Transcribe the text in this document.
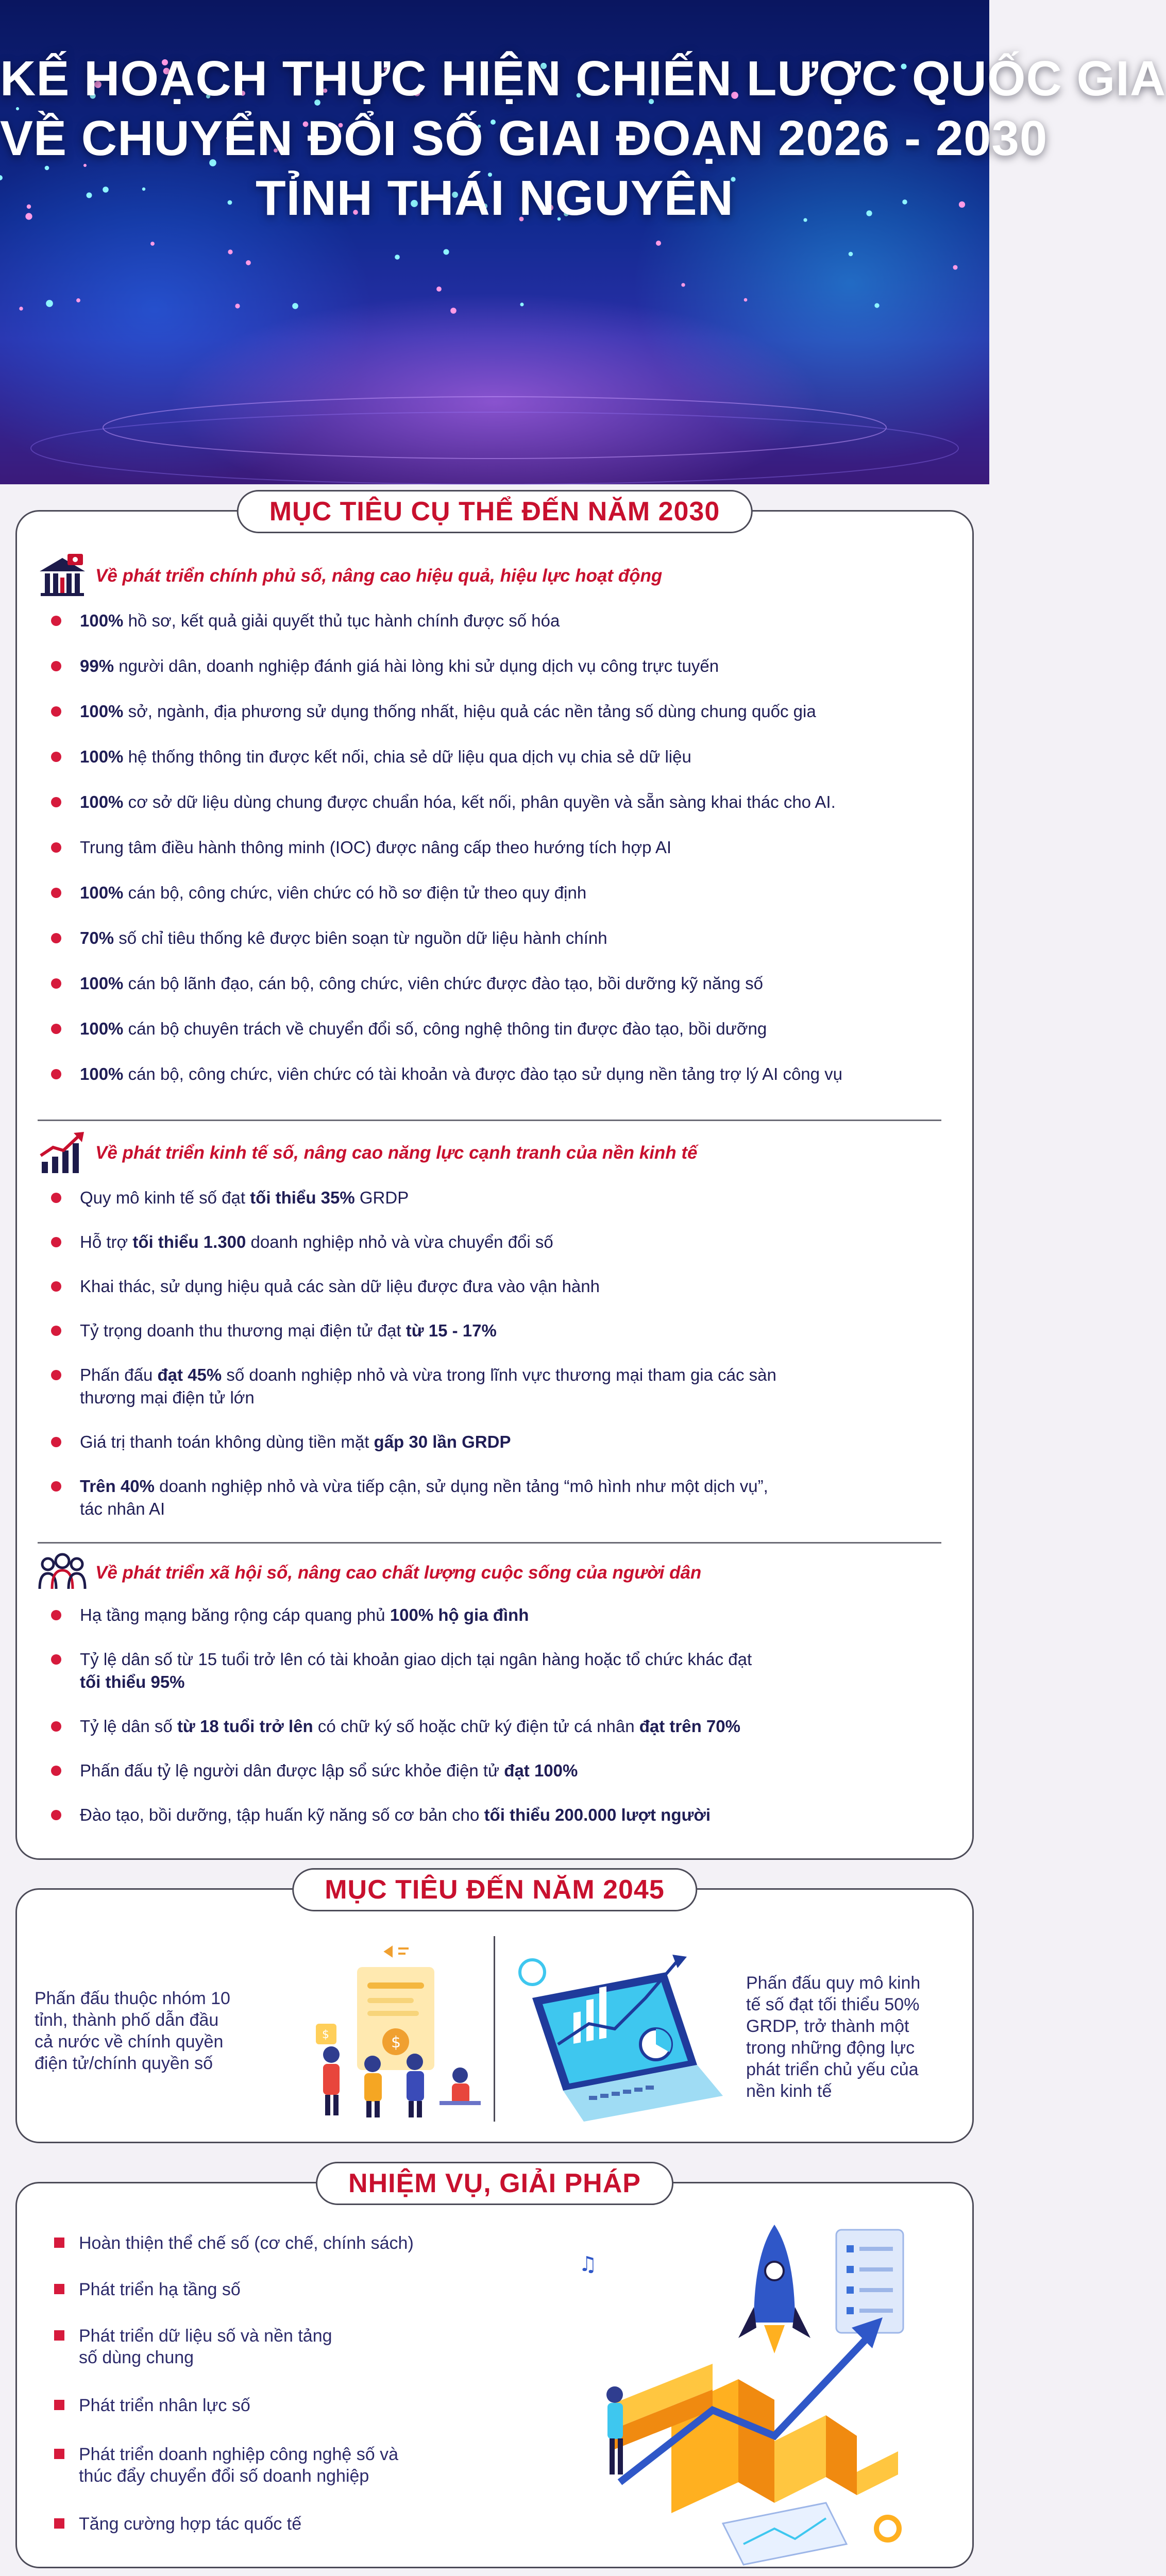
KẾ HOẠCH THỰC HIỆN CHIẾN LƯỢC QUỐC GIA
VỀ CHUYỂN ĐỔI SỐ GIAI ĐOẠN 2026 - 2030
TỈNH THÁI NGUYÊN
MỤC TIÊU CỤ THỂ ĐẾN NĂM 2030
Về phát triển chính phủ số, nâng cao hiệu quả, hiệu lực hoạt động
100% hồ sơ, kết quả giải quyết thủ tục hành chính được số hóa
99% người dân, doanh nghiệp đánh giá hài lòng khi sử dụng dịch vụ công trực tuyến
100% sở, ngành, địa phương sử dụng thống nhất, hiệu quả các nền tảng số dùng chung quốc gia
100% hệ thống thông tin được kết nối, chia sẻ dữ liệu qua dịch vụ chia sẻ dữ liệu
100% cơ sở dữ liệu dùng chung được chuẩn hóa, kết nối, phân quyền và sẵn sàng khai thác cho AI.
Trung tâm điều hành thông minh (IOC) được nâng cấp theo hướng tích hợp AI
100% cán bộ, công chức, viên chức có hồ sơ điện tử theo quy định
70% số chỉ tiêu thống kê được biên soạn từ nguồn dữ liệu hành chính
100% cán bộ lãnh đạo, cán bộ, công chức, viên chức được đào tạo, bồi dưỡng kỹ năng số
100% cán bộ chuyên trách về chuyển đổi số, công nghệ thông tin được đào tạo, bồi dưỡng
100% cán bộ, công chức, viên chức có tài khoản và được đào tạo sử dụng nền tảng trợ lý AI công vụ
Về phát triển kinh tế số, nâng cao năng lực cạnh tranh của nền kinh tế
Quy mô kinh tế số đạt tối thiểu 35% GRDP
Hỗ trợ tối thiểu 1.300 doanh nghiệp nhỏ và vừa chuyển đổi số
Khai thác, sử dụng hiệu quả các sàn dữ liệu được đưa vào vận hành
Tỷ trọng doanh thu thương mại điện tử đạt từ 15 - 17%
Phấn đấu đạt 45% số doanh nghiệp nhỏ và vừa trong lĩnh vực thương mại tham gia các sàn
thương mại điện tử lớn
Giá trị thanh toán không dùng tiền mặt gấp 30 lần GRDP
Trên 40% doanh nghiệp nhỏ và vừa tiếp cận, sử dụng nền tảng “mô hình như một dịch vụ”,
tác nhân AI
Về phát triển xã hội số, nâng cao chất lượng cuộc sống của người dân
Hạ tầng mạng băng rộng cáp quang phủ 100% hộ gia đình
Tỷ lệ dân số từ 15 tuổi trở lên có tài khoản giao dịch tại ngân hàng hoặc tổ chức khác đạt
tối thiểu 95%
Tỷ lệ dân số từ 18 tuổi trở lên có chữ ký số hoặc chữ ký điện tử cá nhân đạt trên 70%
Phấn đấu tỷ lệ người dân được lập sổ sức khỏe điện tử đạt 100%
Đào tạo, bồi dưỡng, tập huấn kỹ năng số cơ bản cho tối thiểu 200.000 lượt người
MỤC TIÊU ĐẾN NĂM 2045
Phấn đấu thuộc nhóm 10
tỉnh, thành phố dẫn đầu
cả nước về chính quyền
điện tử/chính quyền số
$
$
Phấn đấu quy mô kinh
tế số đạt tối thiểu 50%
GRDP, trở thành một
trong những động lực
phát triển chủ yếu của
nền kinh tế
NHIỆM VỤ, GIẢI PHÁP
Hoàn thiện thể chế số (cơ chế, chính sách)
Phát triển hạ tầng số
Phát triển dữ liệu số và nền tảng
số dùng chung
Phát triển nhân lực số
Phát triển doanh nghiệp công nghệ số và
thúc đẩy chuyển đổi số doanh nghiệp
Tăng cường hợp tác quốc tế
♫
